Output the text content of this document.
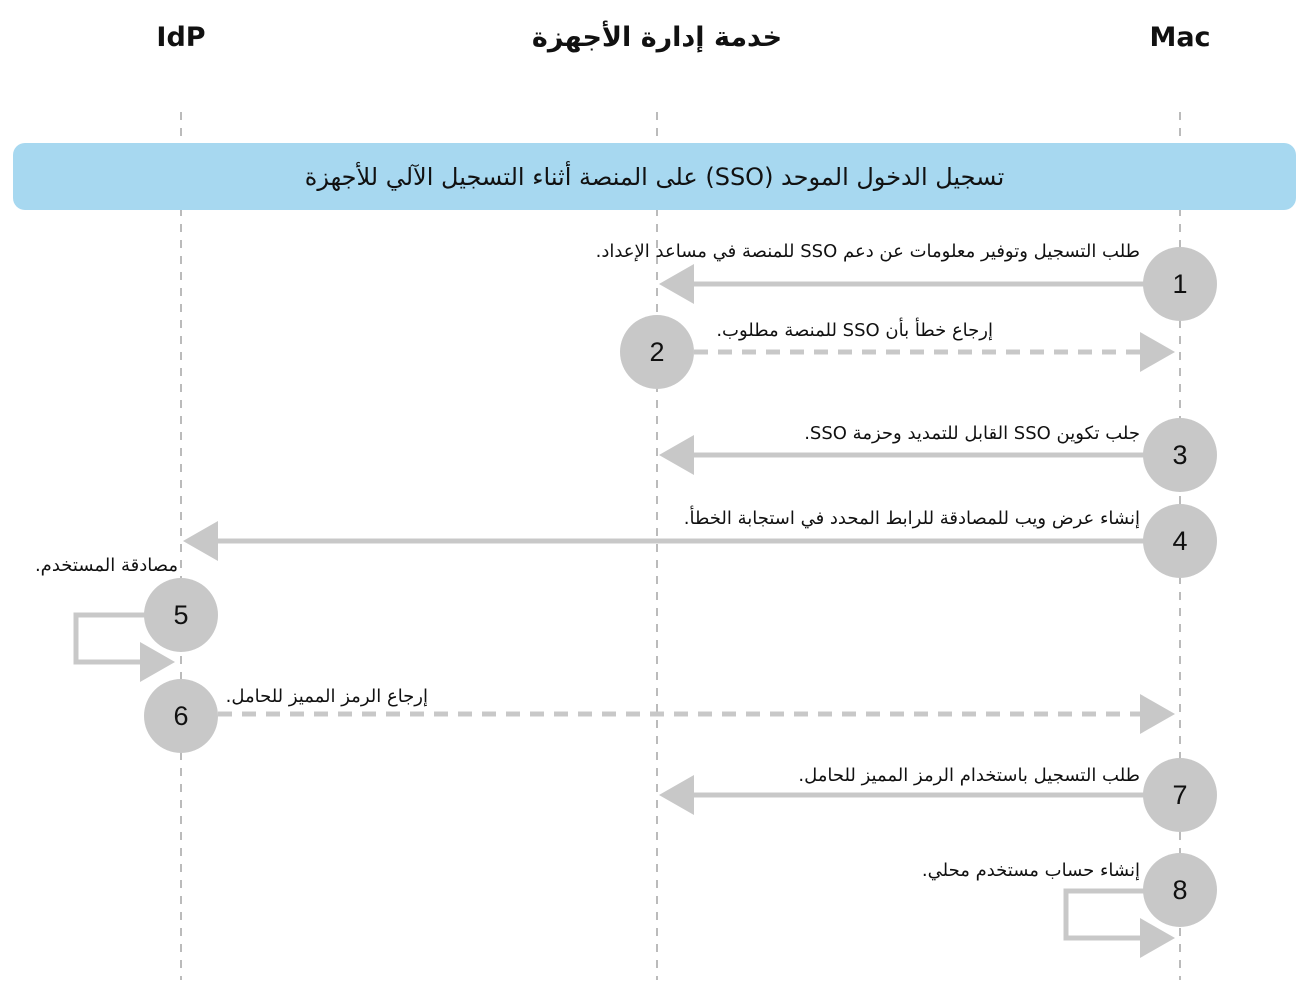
IdP	خدمة إدارة الأجهزة	Mac
تسجيل الدخول الموحد (SSO) على المنصة أثناء التسجيل الآلي للأجهزة
طلب التسجيل وتوفير معلومات عن دعم SSO للمنصة في مساعد الإعداد.
إرجاع خطأ بأن SSO للمنصة مطلوب.
جلب تكوين SSO القابل للتمديد وحزمة SSO.
إنشاء عرض ويب للمصادقة للرابط المحدد في استجابة الخطأ.
مصادقة المستخدم.
إرجاع الرمز المميز للحامل.
طلب التسجيل باستخدام الرمز المميز للحامل.
إنشاء حساب مستخدم محلي.
1
2
3
4
5
6
7
8
